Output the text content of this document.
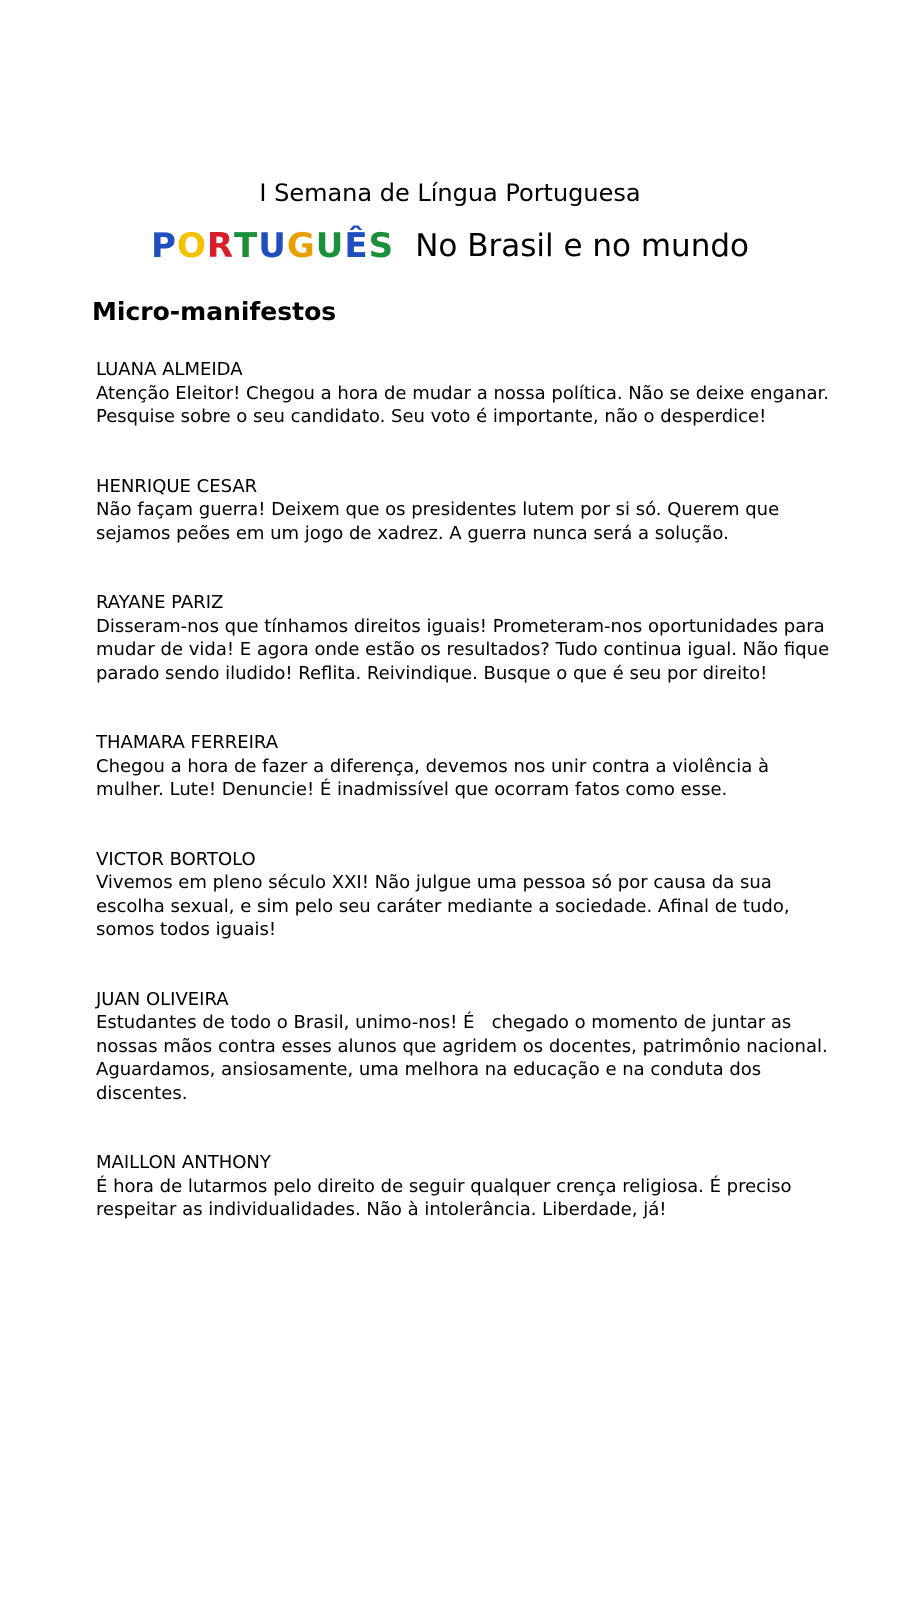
I Semana de Língua Portuguesa
PORTUGUÊS No Brasil e no mundo
Micro-manifestos
LUANA ALMEIDA
Atenção Eleitor! Chegou a hora de mudar a nossa política. Não se deixe enganar. Pesquise sobre o seu candidato. Seu voto é importante, não o desperdice!
HENRIQUE CESAR
Não façam guerra! Deixem que os presidentes lutem por si só. Querem que sejamos peões em um jogo de xadrez. A guerra nunca será a solução.
RAYANE PARIZ
Disseram-nos que tínhamos direitos iguais! Prometeram-nos oportunidades para mudar de vida! E agora onde estão os resultados? Tudo continua igual. Não fique parado sendo iludido! Reflita. Reivindique. Busque o que é seu por direito!
THAMARA FERREIRA
Chegou a hora de fazer a diferença, devemos nos unir contra a violência à mulher. Lute! Denuncie! É inadmissível que ocorram fatos como esse.
VICTOR BORTOLO
Vivemos em pleno século XXI! Não julgue uma pessoa só por causa da sua escolha sexual, e sim pelo seu caráter mediante a sociedade. Afinal de tudo, somos todos iguais!
JUAN OLIVEIRA
Estudantes de todo o Brasil, unimo-nos! É   chegado o momento de juntar as nossas mãos contra esses alunos que agridem os docentes, patrimônio nacional. Aguardamos, ansiosamente, uma melhora na educação e na conduta dos discentes.
MAILLON ANTHONY
É hora de lutarmos pelo direito de seguir qualquer crença religiosa. É preciso respeitar as individualidades. Não à intolerância. Liberdade, já!
